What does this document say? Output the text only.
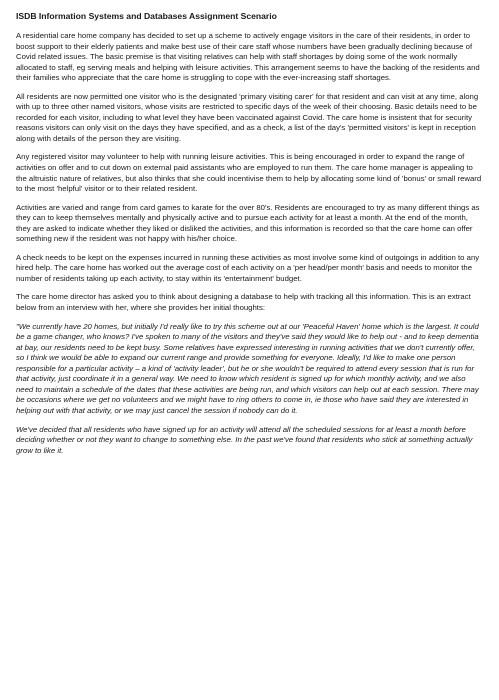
ISDB Information Systems and Databases Assignment Scenario

A residential care home company has decided to set up a scheme to actively engage visitors in the care of their residents, in order to boost support to their elderly patients and make best use of their care staff whose numbers have been gradually declining because of Covid related issues. The basic premise is that visiting relatives can help with staff shortages by doing some of the work normally allocated to staff, eg serving meals and helping with leisure activities. This arrangement seems to have the backing of the residents and their families who appreciate that the care home is struggling to cope with the ever-increasing staff shortages.

All residents are now permitted one visitor who is the designated 'primary visiting carer' for that resident and can visit at any time, along with up to three other named visitors, whose visits are restricted to specific days of the week of their choosing. Basic details need to be recorded for each visitor, including to what level they have been vaccinated against Covid. The care home is insistent that for security reasons visitors can only visit on the days they have specified, and as a check, a list of the day's 'permitted visitors' is kept in reception along with details of the person they are visiting.

Any registered visitor may volunteer to help with running leisure activities. This is being encouraged in order to expand the range of activities on offer and to cut down on external paid assistants who are employed to run them. The care home manager is appealing to the altruistic nature of relatives, but also thinks that she could incentivise them to help by allocating some kind of 'bonus' or small reward to the most 'helpful' visitor or to their related resident.

Activities are varied and range from card games to karate for the over 80's. Residents are encouraged to try as many different things as they can to keep themselves mentally and physically active and to pursue each activity for at least a month. At the end of the month, they are asked to indicate whether they liked or disliked the activities, and this information is recorded so that the care home can offer something new if the resident was not happy with his/her choice.

A check needs to be kept on the expenses incurred in running these activities as most involve some kind of outgoings in addition to any hired help. The care home has worked out the average cost of each activity on a 'per head/per month' basis and needs to monitor the number of residents taking up each activity, to stay within its 'entertainment' budget.

The care home director has asked you to think about designing a database to help with tracking all this information. This is an extract below from an interview with her, where she provides her initial thoughts:

"We currently have 20 homes, but initially I'd really like to try this scheme out at our 'Peaceful Haven' home which is the largest. It could be a game changer, who knows? I've spoken to many of the visitors and they've said they would like to help out - and to keep dementia at bay, our residents need to be kept busy. Some relatives have expressed interesting in running activities that we don't currently offer, so I think we would be able to expand our current range and provide something for everyone. Ideally, I'd like to make one person responsible for a particular activity – a kind of 'activity leader', but he or she wouldn't be required to attend every session that is run for that activity, just coordinate it in a general way. We need to know which resident is signed up for which monthly activity, and we also need to maintain a schedule of the dates that these activities are being run, and which visitors can help out at each session. There may be occasions where we get no volunteers and we might have to ring others to come in, ie those who have said they are interested in helping out with that activity, or we may just cancel the session if nobody can do it.

We've decided that all residents who have signed up for an activity will attend all the scheduled sessions for at least a month before deciding whether or not they want to change to something else. In the past we've found that residents who stick at something actually grow to like it.
